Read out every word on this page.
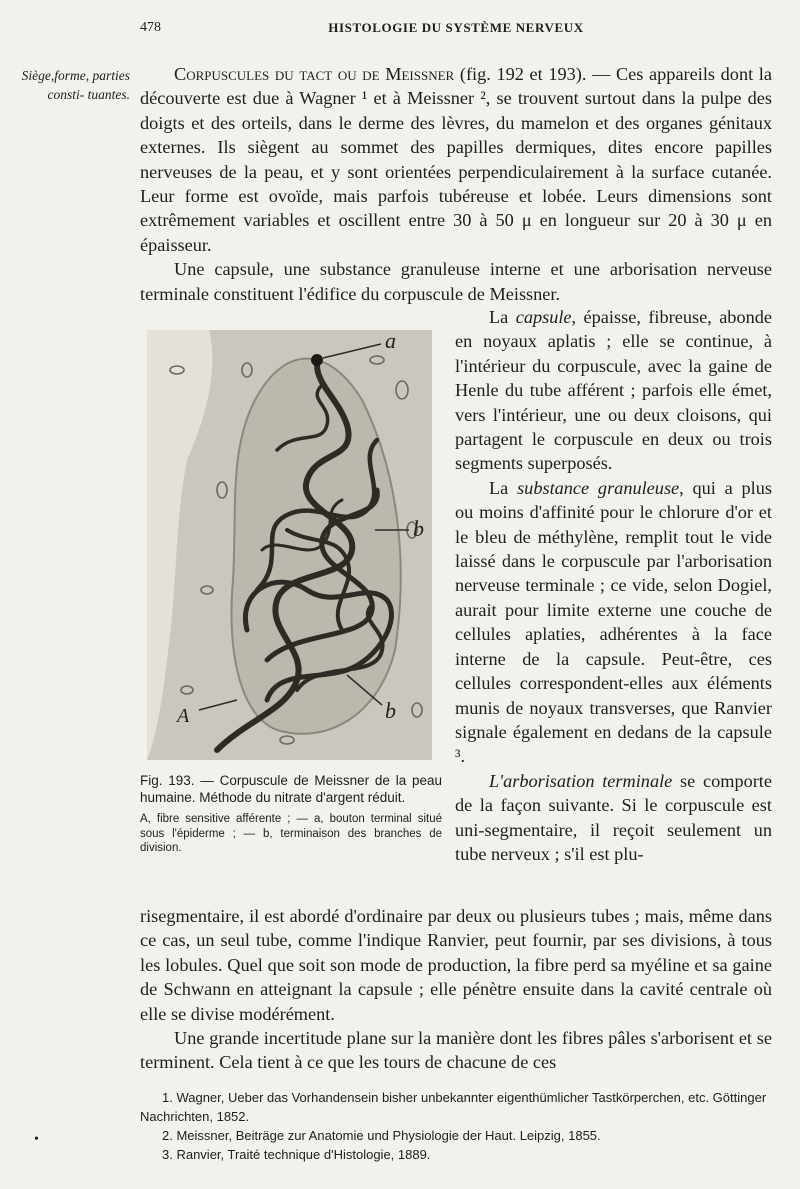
478	HISTOLOGIE DU SYSTÈME NERVEUX
Siège,forme, parties consti- tuantes.

Corpuscules du tact ou de Meissner (fig. 192 et 193). — Ces appareils dont la découverte est due à Wagner ¹ et à Meissner ², se trouvent surtout dans la pulpe des doigts et des orteils, dans le derme des lèvres, du mamelon et des organes génitaux externes. Ils siègent au sommet des papilles dermiques, dites encore papilles nerveuses de la peau, et y sont orientées perpendiculairement à la surface cutanée. Leur forme est ovoïde, mais parfois tubéreuse et lobée. Leurs dimensions sont extrêmement variables et oscillent entre 30 à 50 μ en longueur sur 20 à 30 μ en épaisseur.

Une capsule, une substance granuleuse interne et une arborisation nerveuse terminale constituent l'édifice du corpuscule de Meissner.

a
b
A	b
Fig. 193. — Corpuscule de Meissner de la peau humaine. Méthode du nitrate d'argent réduit.
A, fibre sensitive afférente ; — a, bouton terminal situé sous l'épiderme ; — b, terminaison des branches de division.

La capsule, épaisse, fibreuse, abonde en noyaux aplatis ; elle se continue, à l'intérieur du corpuscule, avec la gaine de Henle du tube afférent ; parfois elle émet, vers l'intérieur, une ou deux cloisons, qui partagent le corpuscule en deux ou trois segments superposés.

La substance granuleuse, qui a plus ou moins d'affinité pour le chlorure d'or et le bleu de méthylène, remplit tout le vide laissé dans le corpuscule par l'arborisation nerveuse terminale ; ce vide, selon Dogiel, aurait pour limite externe une couche de cellules aplaties, adhérentes à la face interne de la capsule. Peut-être, ces cellules correspondent-elles aux éléments munis de noyaux transverses, que Ranvier signale également en dedans de la capsule ³.

L'arborisation terminale se comporte de la façon suivante. Si le corpuscule est uni-segmentaire, il reçoit seulement un tube nerveux ; s'il est plu-

risegmentaire, il est abordé d'ordinaire par deux ou plusieurs tubes ; mais, même dans ce cas, un seul tube, comme l'indique Ranvier, peut fournir, par ses divisions, à tous les lobules. Quel que soit son mode de production, la fibre perd sa myéline et sa gaine de Schwann en atteignant la capsule ; elle pénètre ensuite dans la cavité centrale où elle se divise modérément.

Une grande incertitude plane sur la manière dont les fibres pâles s'arborisent et se terminent. Cela tient à ce que les tours de chacune de ces

1. Wagner, Ueber das Vorhandensein bisher unbekannter eigenthümlicher Tastkörperchen, etc. Göttinger Nachrichten, 1852.
2. Meissner, Beiträge zur Anatomie und Physiologie der Haut. Leipzig, 1855.
3. Ranvier, Traité technique d'Histologie, 1889.
•
